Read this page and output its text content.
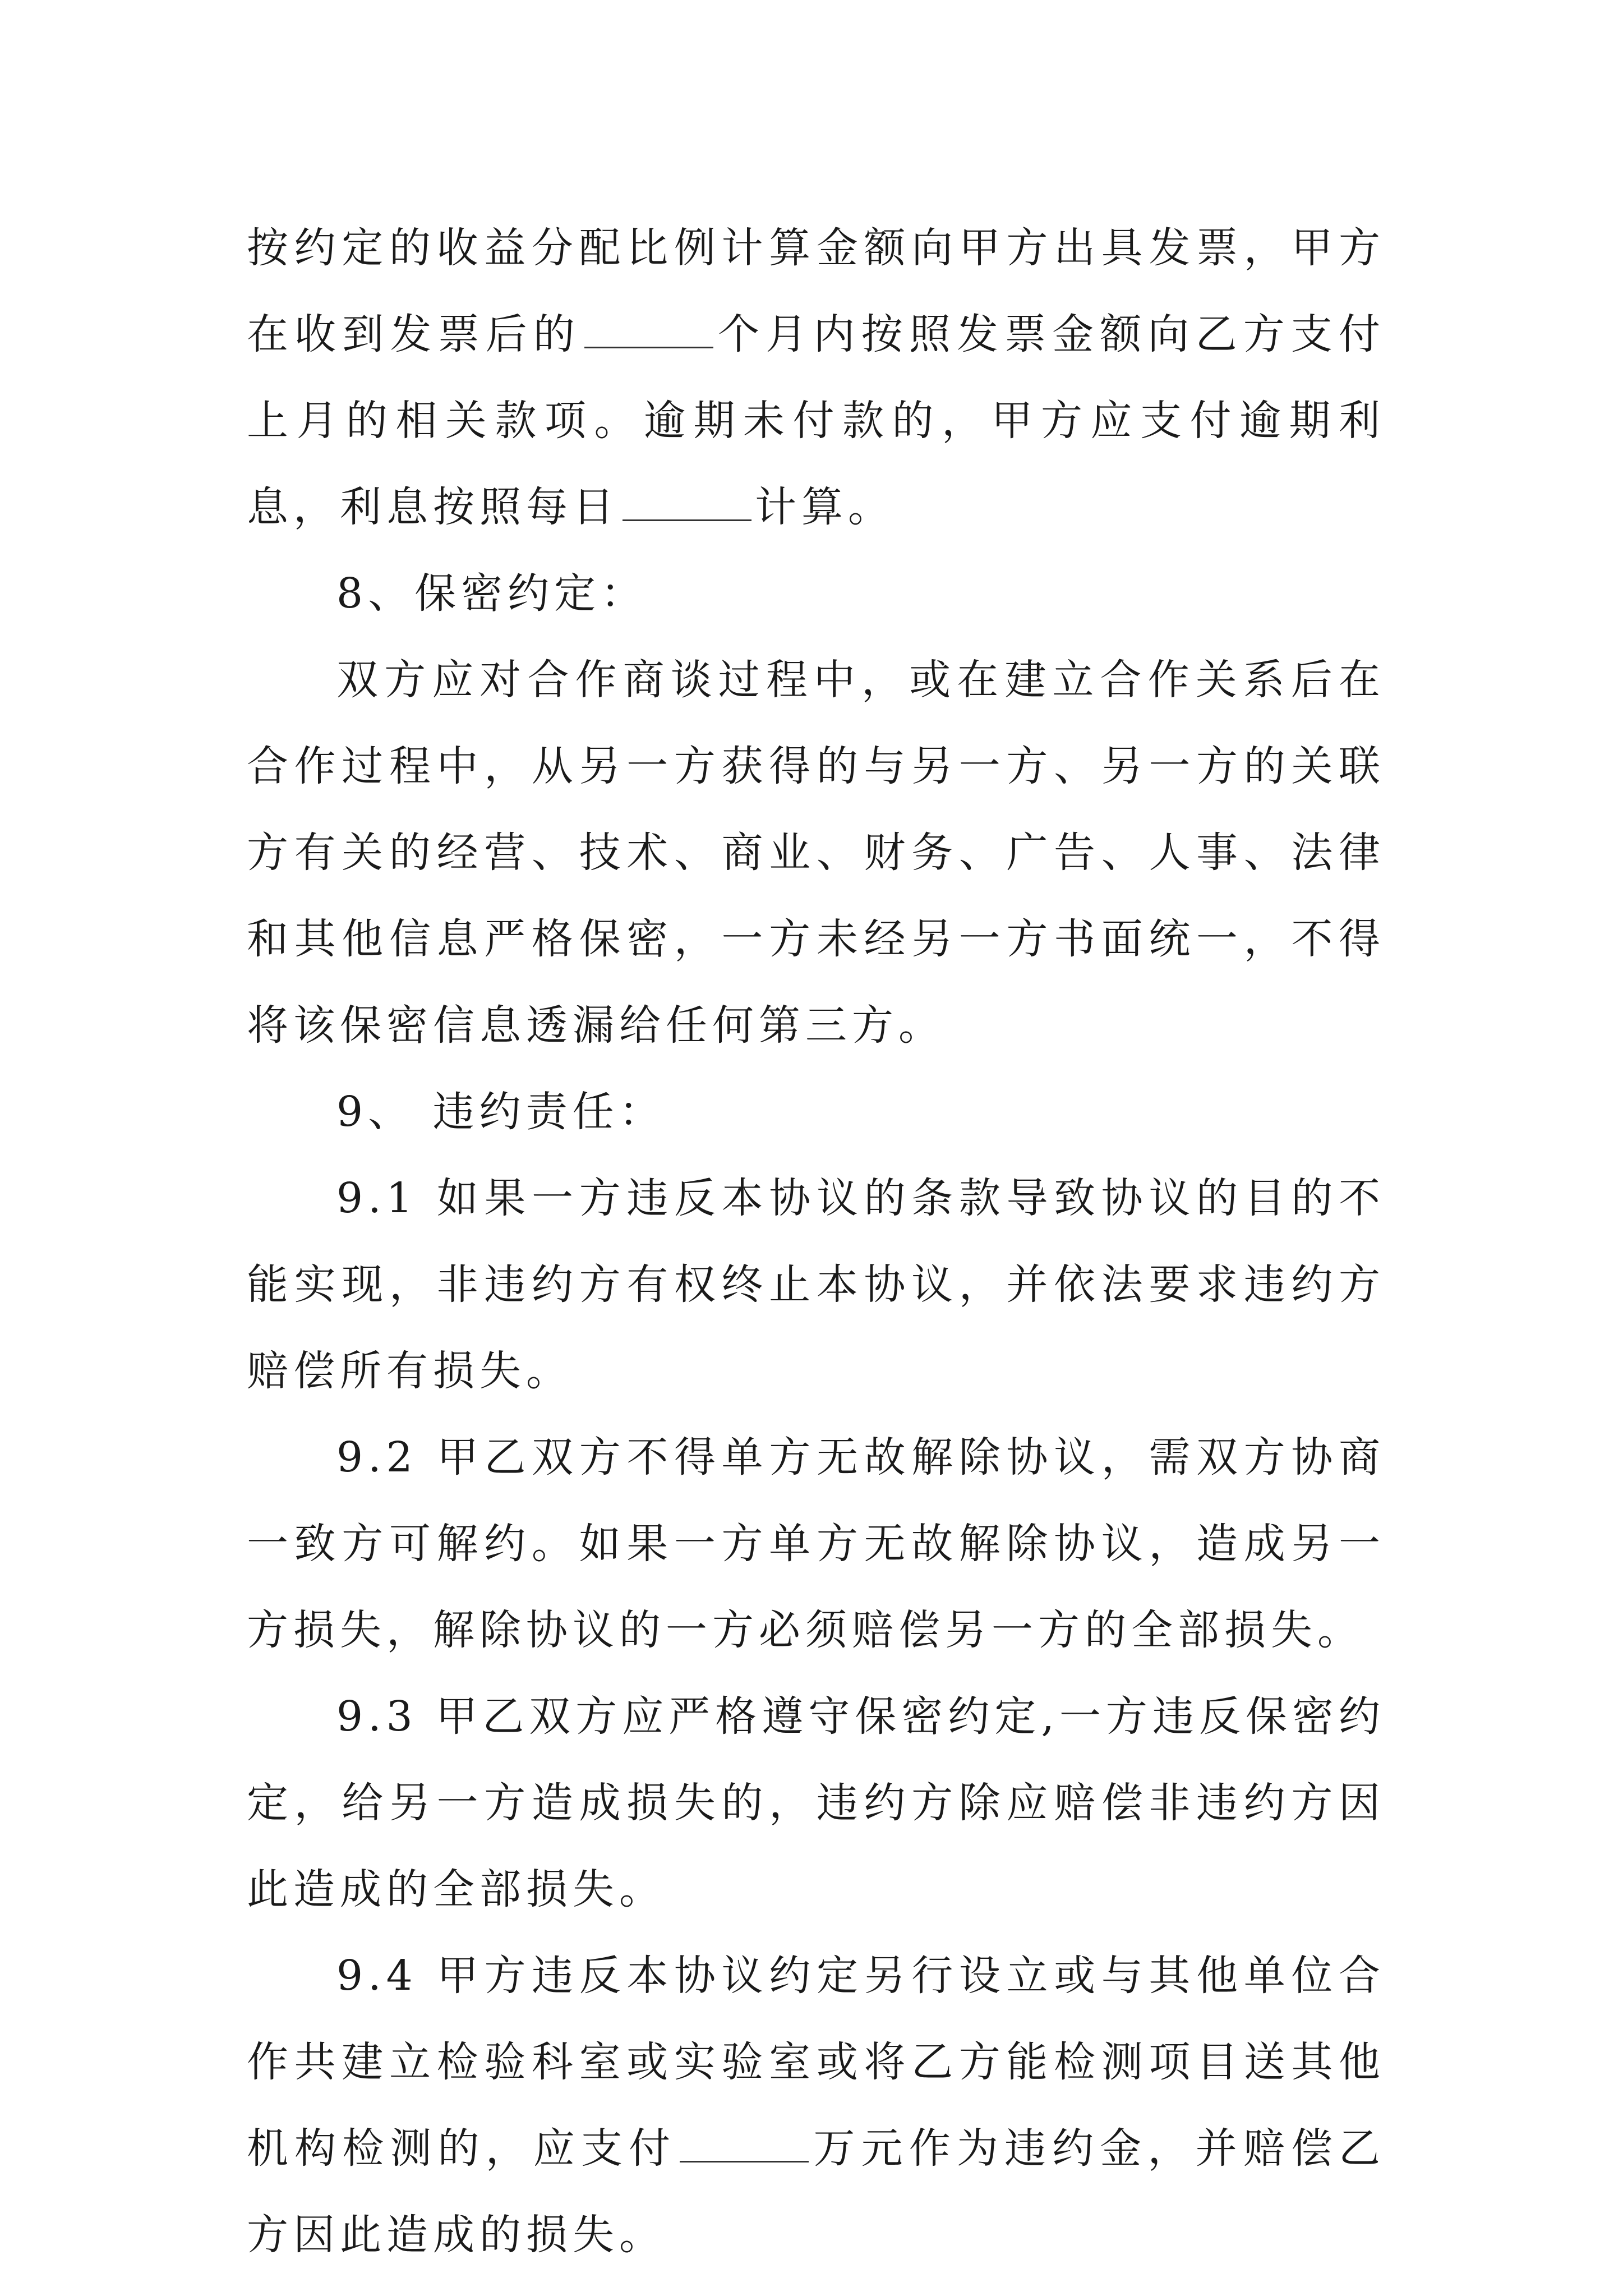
按约定的收益分配比例计算金额向甲方出具发票，甲方在收到发票后的	个月内按照发票金额向乙方支付上月的相关款项。逾期未付款的，甲方应支付逾期利息，利息按照每日	计算。

8、保密约定：

双方应对合作商谈过程中，或在建立合作关系后在合作过程中，从另一方获得的与另一方、另一方的关联方有关的经营、技术、商业、财务、广告、人事、法律和其他信息严格保密，一方未经另一方书面统一，不得将该保密信息透漏给任何第三方。

9、 违约责任：

9.1 如果一方违反本协议的条款导致协议的目的不能实现，非违约方有权终止本协议，并依法要求违约方赔偿所有损失。

9.2 甲乙双方不得单方无故解除协议，需双方协商一致方可解约。如果一方单方无故解除协议，造成另一方损失，解除协议的一方必须赔偿另一方的全部损失。

9.3 甲乙双方应严格遵守保密约定,一方违反保密约定，给另一方造成损失的，违约方除应赔偿非违约方因此造成的全部损失。

9.4 甲方违反本协议约定另行设立或与其他单位合作共建立检验科室或实验室或将乙方能检测项目送其他机构检测的，应支付	万元作为违约金，并赔偿乙方因此造成的损失。
